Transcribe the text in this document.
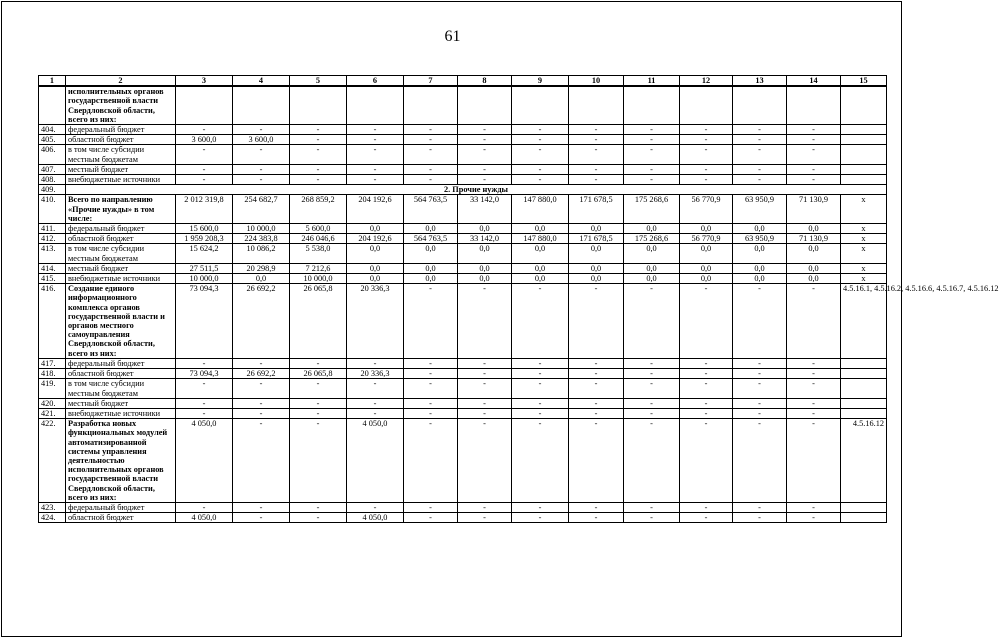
61
1	2	3	4	5	6	7	8	9	10	11	12	13	14	15
	исполнительных органов государственной власти Свердловской области, всего из них:													
404.	федеральный бюджет	-	-	-	-	-	-	-	-	-	-	-	-	
405.	областной бюджет	3 600,0	3 600,0	-	-	-	-	-	-	-	-	-	-	
406.	в том числе субсидии местным бюджетам	-	-	-	-	-	-	-	-	-	-	-	-	
407.	местный бюджет	-	-	-	-	-	-	-	-	-	-	-	-	
408.	внебюджетные источники	-	-	-	-	-	-	-	-	-	-	-	-	
409.	2. Прочие нужды													
410.	Всего по направлению «Прочие нужды» в том числе:	2 012 319,8	254 682,7	268 859,2	204 192,6	564 763,5	33 142,0	147 880,0	171 678,5	175 268,6	56 770,9	63 950,9	71 130,9	х
411.	федеральный бюджет	15 600,0	10 000,0	5 600,0	0,0	0,0	0,0	0,0	0,0	0,0	0,0	0,0	0,0	х
412.	областной бюджет	1 959 208,3	224 383,8	246 046,6	204 192,6	564 763,5	33 142,0	147 880,0	171 678,5	175 268,6	56 770,9	63 950,9	71 130,9	х
413.	в том числе субсидии местным бюджетам	15 624,2	10 086,2	5 538,0	0,0	0,0	0,0	0,0	0,0	0,0	0,0	0,0	0,0	х
414.	местный бюджет	27 511,5	20 298,9	7 212,6	0,0	0,0	0,0	0,0	0,0	0,0	0,0	0,0	0,0	х
415.	внебюджетные источники	10 000,0	0,0	10 000,0	0,0	0,0	0,0	0,0	0,0	0,0	0,0	0,0	0,0	х
416.	Создание единого информационного комплекса органов государственной власти и органов местного самоуправления Свердловской области, всего из них:	73 094,3	26 692,2	26 065,8	20 336,3	-	-	-	-	-	-	-	-	4.5.16.1, 4.5.16.2, 4.5.16.6, 4.5.16.7, 4.5.16.12
417.	федеральный бюджет	-	-	-	-	-	-	-	-	-	-	-	-	
418.	областной бюджет	73 094,3	26 692,2	26 065,8	20 336,3	-	-	-	-	-	-	-	-	
419.	в том числе субсидии местным бюджетам	-	-	-	-	-	-	-	-	-	-	-	-	
420.	местный бюджет	-	-	-	-	-	-	-	-	-	-	-	-	
421.	внебюджетные источники	-	-	-	-	-	-	-	-	-	-	-	-	
422.	Разработка новых функциональных модулей автоматизированной системы управления деятельностью исполнительных органов государственной власти Свердловской области, всего из них:	4 050,0	-	-	4 050,0	-	-	-	-	-	-	-	-	4.5.16.12
423.	федеральный бюджет	-	-	-	-	-	-	-	-	-	-	-	-	
424.	областной бюджет	4 050,0	-	-	4 050,0	-	-	-	-	-	-	-	-	
